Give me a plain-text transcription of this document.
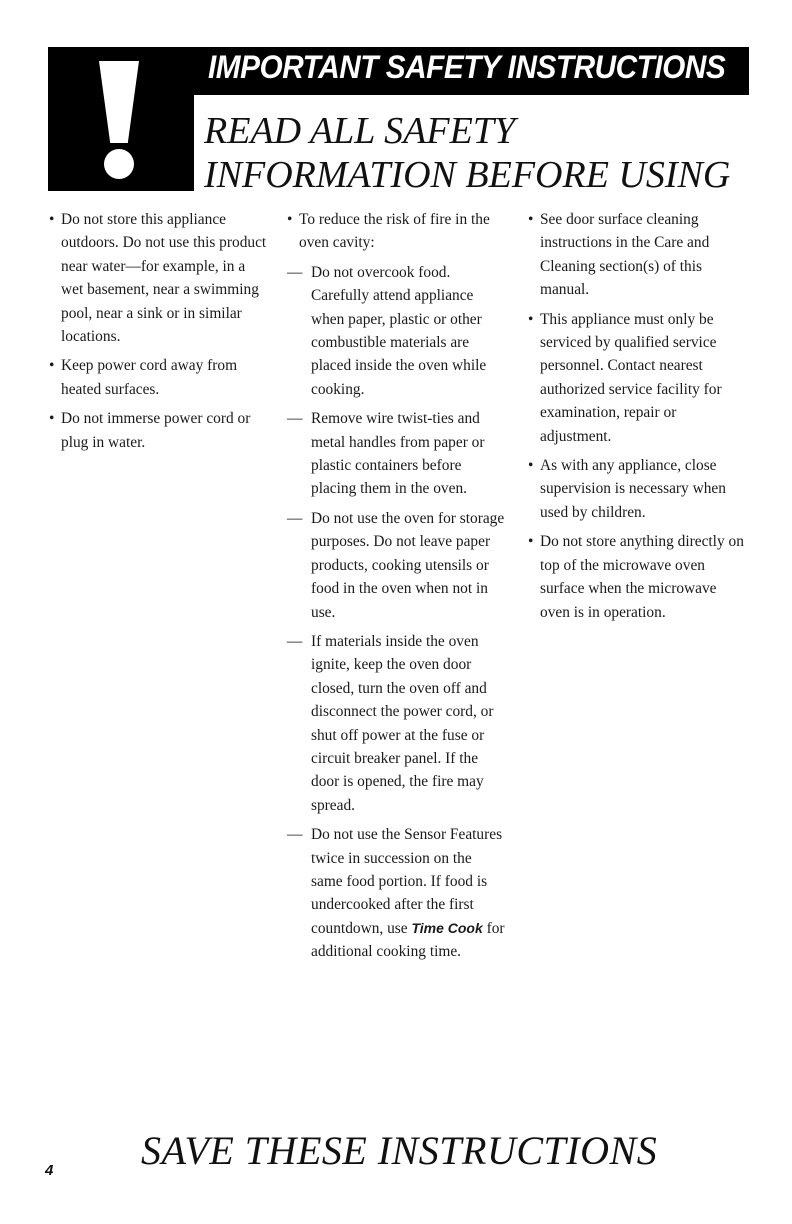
IMPORTANT SAFETY INSTRUCTIONS
READ ALL SAFETY
INFORMATION BEFORE USING

• Do not store this appliance outdoors. Do not use this product near water—for example, in a wet basement, near a swimming pool, near a sink or in similar locations.

• Keep power cord away from heated surfaces.

• Do not immerse power cord or plug in water.

• To reduce the risk of fire in the oven cavity:

— Do not overcook food. Carefully attend appliance when paper, plastic or other combustible materials are placed inside the oven while cooking.

— Remove wire twist-ties and metal handles from paper or plastic containers before placing them in the oven.

— Do not use the oven for storage purposes. Do not leave paper products, cooking utensils or food in the oven when not in use.

— If materials inside the oven ignite, keep the oven door closed, turn the oven off and disconnect the power cord, or shut off power at the fuse or circuit breaker panel. If the door is opened, the fire may spread.

— Do not use the Sensor Features twice in succession on the same food portion. If food is undercooked after the first countdown, use Time Cook for additional cooking time.

• See door surface cleaning instructions in the Care and Cleaning section(s) of this manual.

• This appliance must only be serviced by qualified service personnel. Contact nearest authorized service facility for examination, repair or adjustment.

• As with any appliance, close supervision is necessary when used by children.

• Do not store anything directly on top of the microwave oven surface when the microwave oven is in operation.

4 SAVE THESE INSTRUCTIONS
